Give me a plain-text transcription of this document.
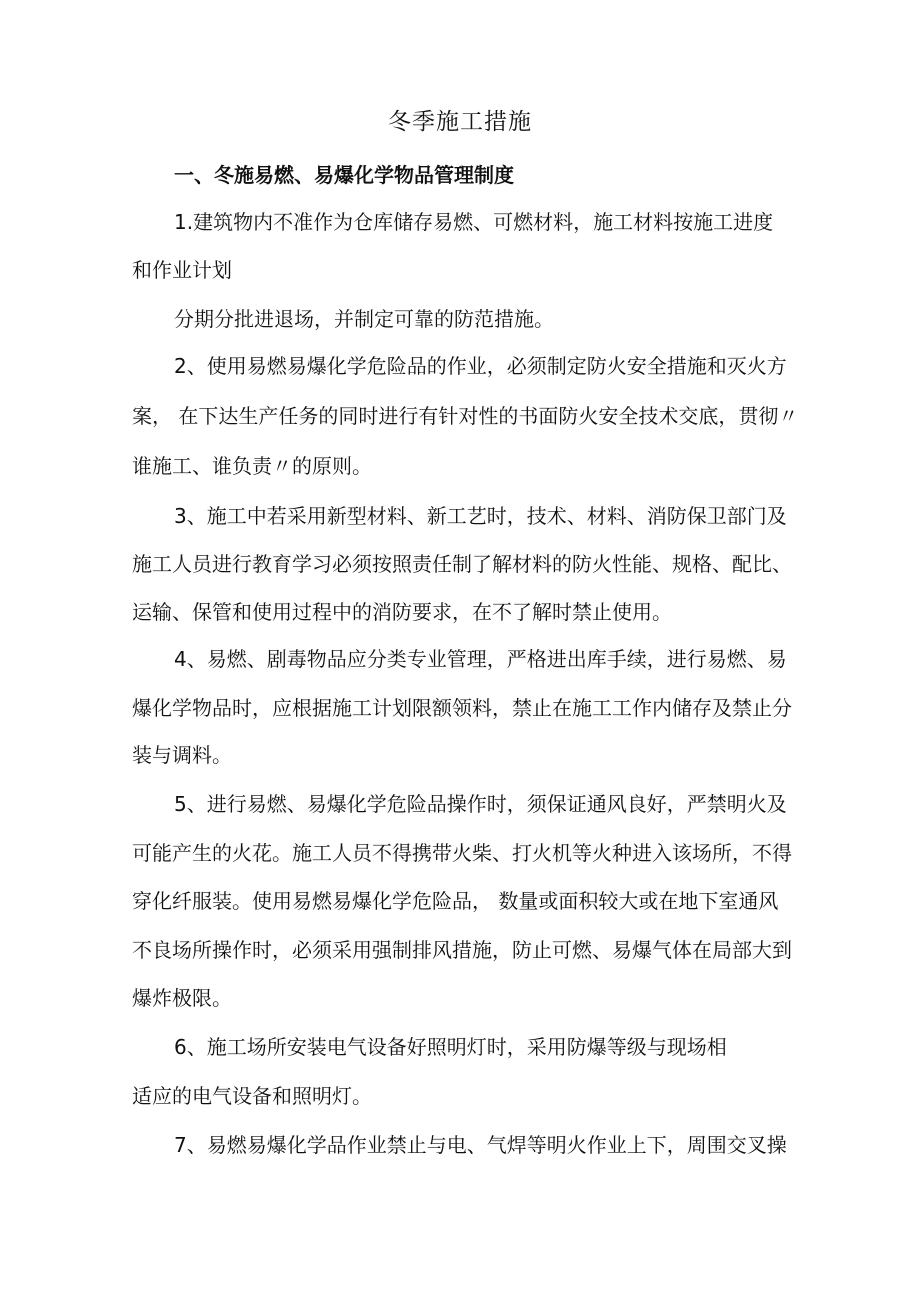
冬季施工措施
一、冬施易燃、易爆化学物品管理制度
1.建筑物内不准作为仓库储存易燃、可燃材料，施工材料按施工进度
和作业计划
分期分批进退场，并制定可靠的防范措施。
2、使用易燃易爆化学危险品的作业，必须制定防火安全措施和灭火方
案， 在下达生产任务的同时进行有针对性的书面防火安全技术交底，贯彻〃
谁施工、谁负责〃的原则。
3、施工中若采用新型材料、新工艺时，技术、材料、消防保卫部门及
施工人员进行教育学习必须按照责任制了解材料的防火性能、规格、配比、
运输、保管和使用过程中的消防要求，在不了解时禁止使用。
4、易燃、剧毒物品应分类专业管理，严格进出库手续，进行易燃、易
爆化学物品时，应根据施工计划限额领料，禁止在施工工作内储存及禁止分
装与调料。
5、进行易燃、易爆化学危险品操作时，须保证通风良好，严禁明火及
可能产生的火花。施工人员不得携带火柴、打火机等火种进入该场所，不得
穿化纤服装。使用易燃易爆化学危险品， 数量或面积较大或在地下室通风
不良场所操作时，必须采用强制排风措施，防止可燃、易爆气体在局部大到
爆炸极限。
6、施工场所安装电气设备好照明灯时，采用防爆等级与现场相
适应的电气设备和照明灯。
7、易燃易爆化学品作业禁止与电、气焊等明火作业上下，周围交叉操
